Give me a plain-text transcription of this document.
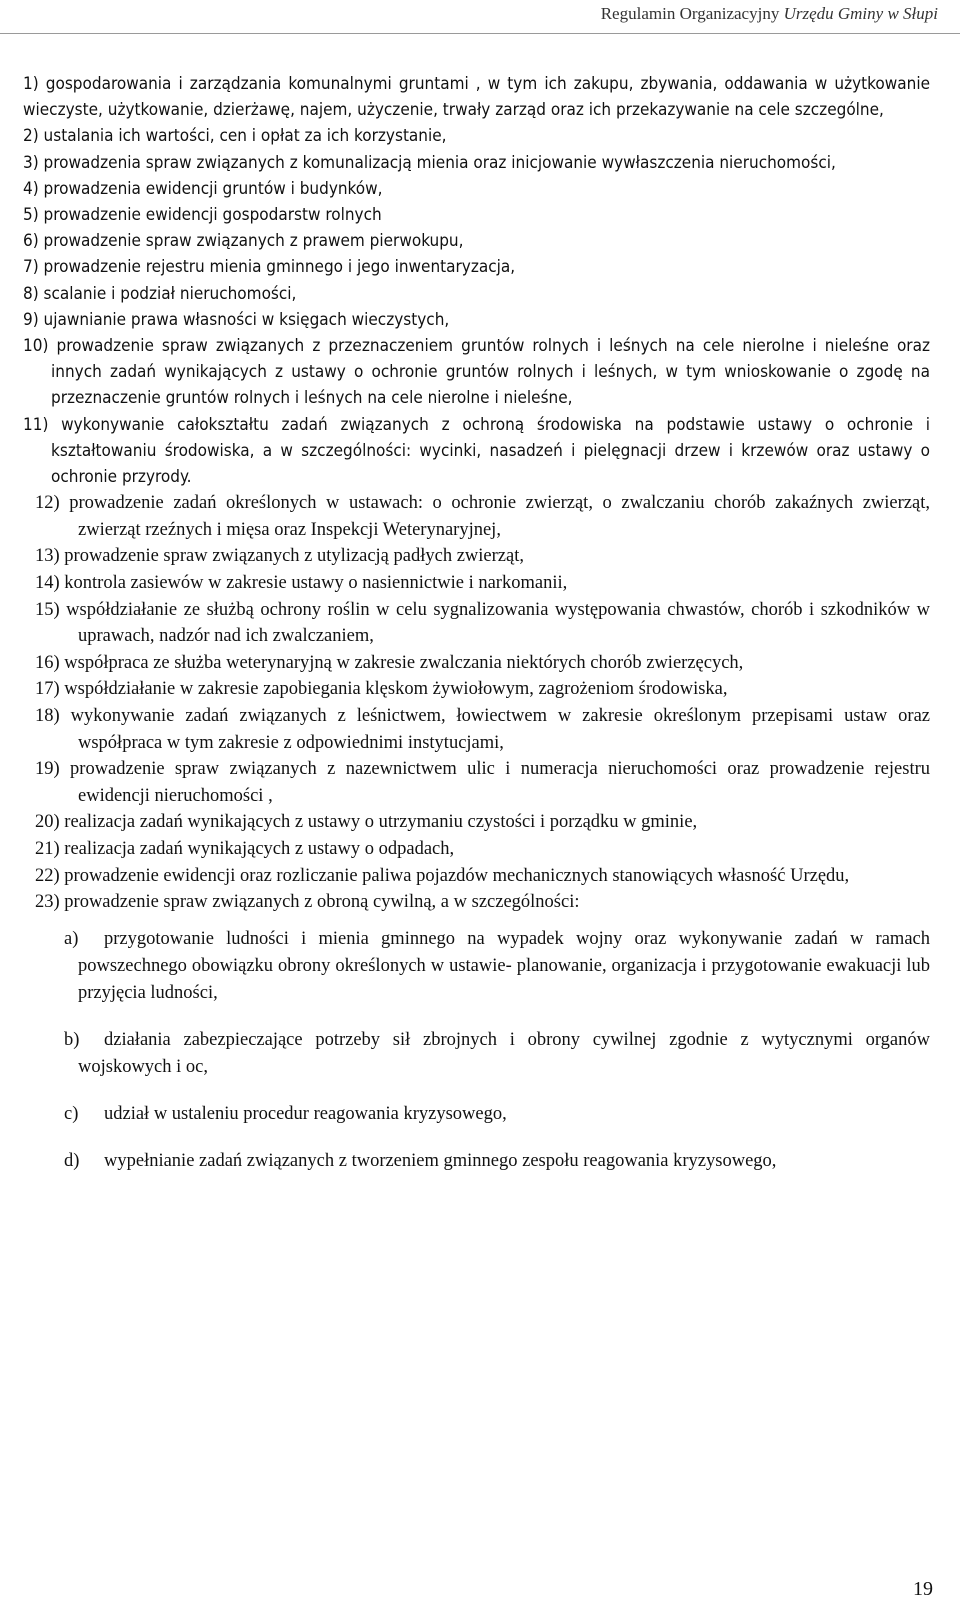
Regulamin Organizacyjny Urzędu Gminy w Słupi

1) gospodarowania i zarządzania komunalnymi gruntami , w tym ich zakupu, zbywania, oddawania w użytkowanie wieczyste, użytkowanie, dzierżawę, najem, użyczenie, trwały zarząd oraz ich przekazywanie na cele szczególne,
2) ustalania ich wartości, cen i opłat za ich korzystanie,
3) prowadzenia spraw związanych z komunalizacją mienia oraz inicjowanie wywłaszczenia nieruchomości,
4) prowadzenia ewidencji gruntów i budynków,
5) prowadzenie ewidencji gospodarstw rolnych
6) prowadzenie spraw związanych z prawem pierwokupu,
7) prowadzenie rejestru mienia gminnego i jego inwentaryzacja,
8) scalanie i podział nieruchomości,
9) ujawnianie prawa własności w księgach wieczystych,
10) prowadzenie spraw związanych z przeznaczeniem gruntów rolnych i leśnych na cele nierolne i nieleśne oraz innych zadań wynikających z ustawy o ochronie gruntów rolnych i leśnych, w tym wnioskowanie o zgodę na przeznaczenie gruntów rolnych i leśnych na cele nierolne i nieleśne,
11) wykonywanie całokształtu zadań związanych z ochroną środowiska na podstawie ustawy o ochronie i kształtowaniu środowiska, a w szczególności: wycinki, nasadzeń i pielęgnacji drzew i krzewów oraz ustawy o ochronie przyrody.

12) prowadzenie zadań określonych w ustawach: o ochronie zwierząt, o zwalczaniu chorób zakaźnych zwierząt, zwierząt rzeźnych i mięsa oraz Inspekcji Weterynaryjnej,
13) prowadzenie spraw związanych z utylizacją padłych zwierząt,
14) kontrola zasiewów w zakresie ustawy o nasiennictwie i narkomanii,
15) współdziałanie ze służbą ochrony roślin w celu sygnalizowania występowania chwastów, chorób i szkodników w uprawach, nadzór nad ich zwalczaniem,
16) współpraca ze służba weterynaryjną w zakresie zwalczania niektórych chorób zwierzęcych,
17) współdziałanie w zakresie zapobiegania klęskom żywiołowym, zagrożeniom środowiska,
18) wykonywanie zadań związanych z leśnictwem, łowiectwem w zakresie określonym przepisami ustaw oraz współpraca w tym zakresie z odpowiednimi instytucjami,
19) prowadzenie spraw związanych z nazewnictwem ulic i numeracja nieruchomości oraz prowadzenie rejestru ewidencji nieruchomości ,
20) realizacja zadań wynikających z ustawy o utrzymaniu czystości i porządku w gminie,
21) realizacja zadań wynikających z ustawy o odpadach,
22) prowadzenie ewidencji oraz rozliczanie paliwa pojazdów mechanicznych stanowiących własność Urzędu,
23) prowadzenie spraw związanych z obroną cywilną, a w szczególności:

a) przygotowanie ludności i mienia gminnego na wypadek wojny oraz wykonywanie zadań w ramach powszechnego obowiązku obrony określonych w ustawie- planowanie, organizacja i przygotowanie ewakuacji lub przyjęcia ludności,
b) działania zabezpieczające potrzeby sił zbrojnych i obrony cywilnej zgodnie z wytycznymi organów wojskowych i oc,
c) udział w ustaleniu procedur reagowania kryzysowego,
d) wypełnianie zadań związanych z tworzeniem gminnego zespołu reagowania kryzysowego,
19
